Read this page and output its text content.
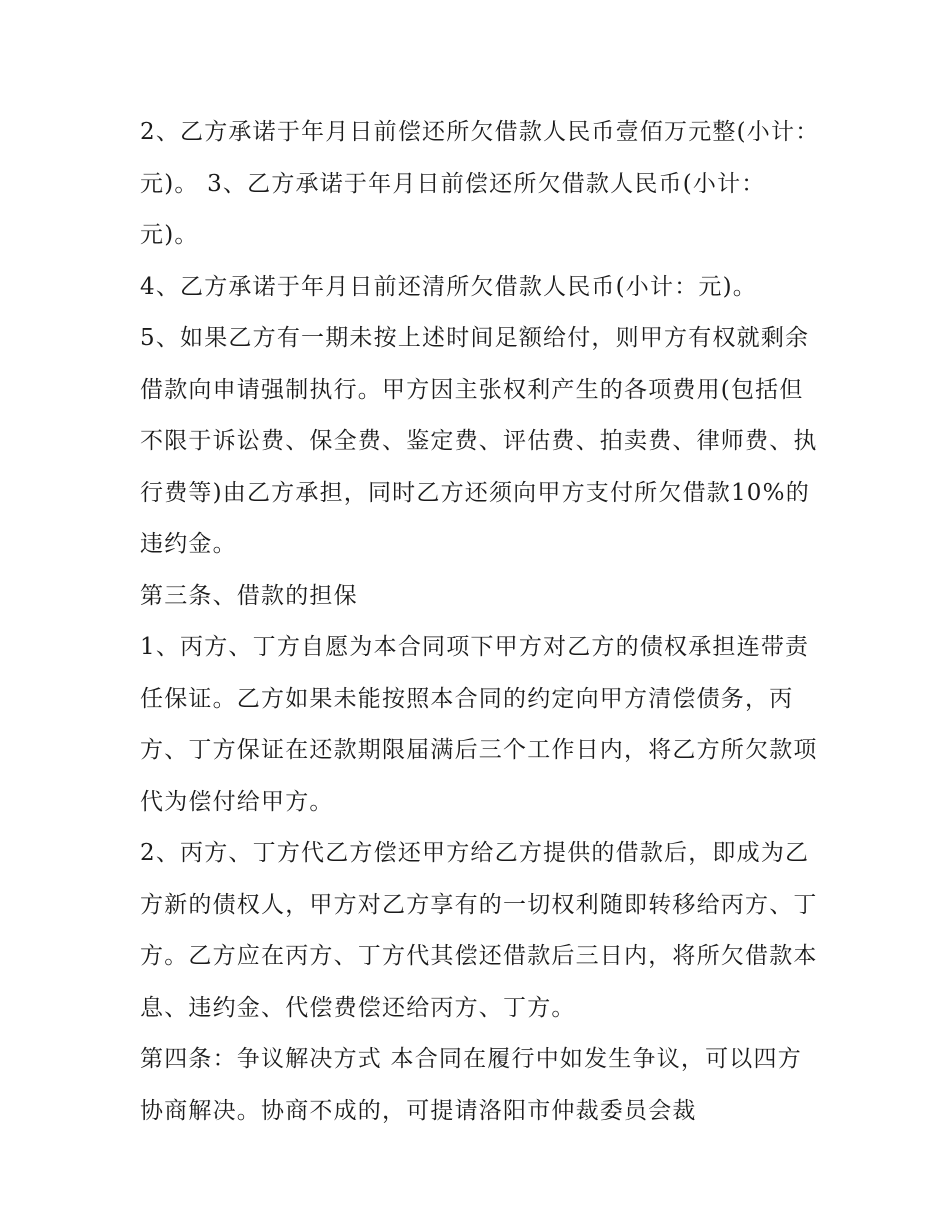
2、乙方承诺于年月日前偿还所欠借款人民币壹佰万元整(小计：元)。 3、乙方承诺于年月日前偿还所欠借款人民币(小计：元)。

4、乙方承诺于年月日前还清所欠借款人民币(小计：元)。

5、如果乙方有一期未按上述时间足额给付，则甲方有权就剩余借款向申请强制执行。甲方因主张权利产生的各项费用(包括但不限于诉讼费、保全费、鉴定费、评估费、拍卖费、律师费、执行费等)由乙方承担，同时乙方还须向甲方支付所欠借款10%的违约金。

第三条、借款的担保

1、丙方、丁方自愿为本合同项下甲方对乙方的债权承担连带责任保证。乙方如果未能按照本合同的约定向甲方清偿债务，丙方、丁方保证在还款期限届满后三个工作日内，将乙方所欠款项代为偿付给甲方。

2、丙方、丁方代乙方偿还甲方给乙方提供的借款后，即成为乙方新的债权人，甲方对乙方享有的一切权利随即转移给丙方、丁方。乙方应在丙方、丁方代其偿还借款后三日内，将所欠借款本息、违约金、代偿费偿还给丙方、丁方。

第四条：争议解决方式 本合同在履行中如发生争议，可以四方协商解决。协商不成的，可提请洛阳市仲裁委员会裁
